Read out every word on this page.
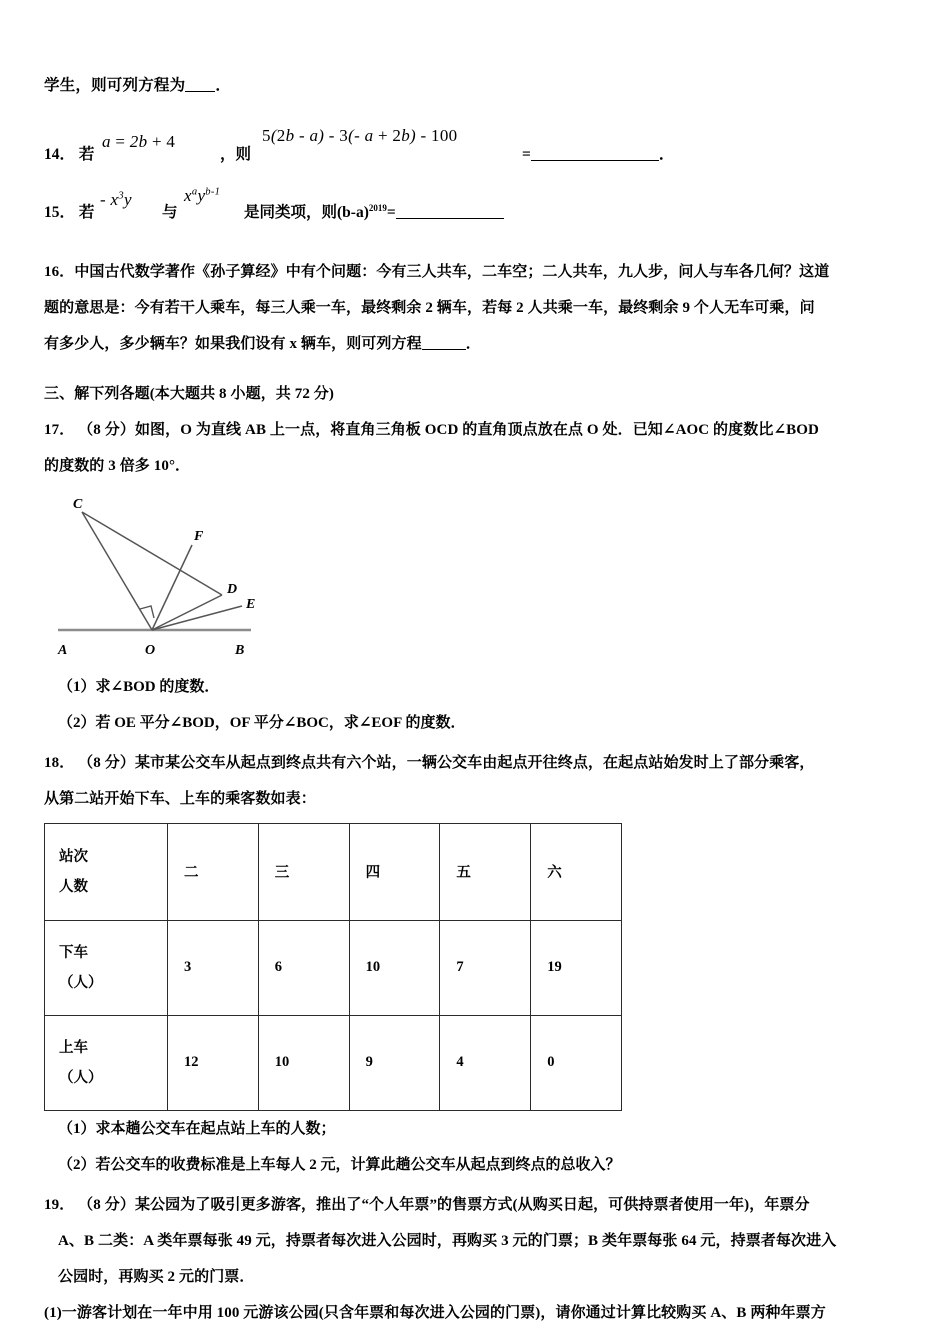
学生，则可列方程为 ．
14． 若
a = 2b + 4
，则
5(2b - a) - 3(- a + 2b) - 100
=	．
15． 若
- $x^3y$
与
$x^ay^{b-1}$
是同类项，则$(b-a)^{2019}=$
16．中国古代数学著作《孙子算经》中有个问题：今有三人共车，二车空；二人共车，九人步，问人与车各几何？这道
题的意思是：今有若干人乘车，每三人乘一车，最终剩余 2 辆车，若每 2 人共乘一车，最终剩余 9 个人无车可乘，问
有多少人，多少辆车？如果我们设有 x 辆车，则可列方程	．
三、解下列各题(本大题共 8 小题，共 72 分)
17． （8 分）如图，O 为直线 AB 上一点，将直角三角板 OCD 的直角顶点放在点 O 处．已知∠AOC 的度数比∠BOD
的度数的 3 倍多 10°．
C
F
D
E
A	O	B
（1）求∠BOD 的度数．
（2）若 OE 平分∠BOD，OF 平分∠BOC，求∠EOF 的度数．
18． （8 分）某市某公交车从起点到终点共有六个站，一辆公交车由起点开往终点，在起点站始发时上了部分乘客，
从第二站开始下车、上车的乘客数如表：
站次
人数	二	三	四	五	六

下车
（人）	3	6	10	7	19

上车
（人）	12	10	9	4	0
（1）求本趟公交车在起点站上车的人数；
（2）若公交车的收费标准是上车每人 2 元，计算此趟公交车从起点到终点的总收入？
19． （8 分）某公园为了吸引更多游客，推出了“个人年票”的售票方式(从购买日起，可供持票者使用一年)，年票分
A、B 二类：A 类年票每张 49 元，持票者每次进入公园时，再购买 3 元的门票；B 类年票每张 64 元，持票者每次进入
公园时，再购买 2 元的门票．
(1)一游客计划在一年中用 100 元游该公园(只含年票和每次进入公园的门票)，请你通过计算比较购买 A、B 两种年票方
